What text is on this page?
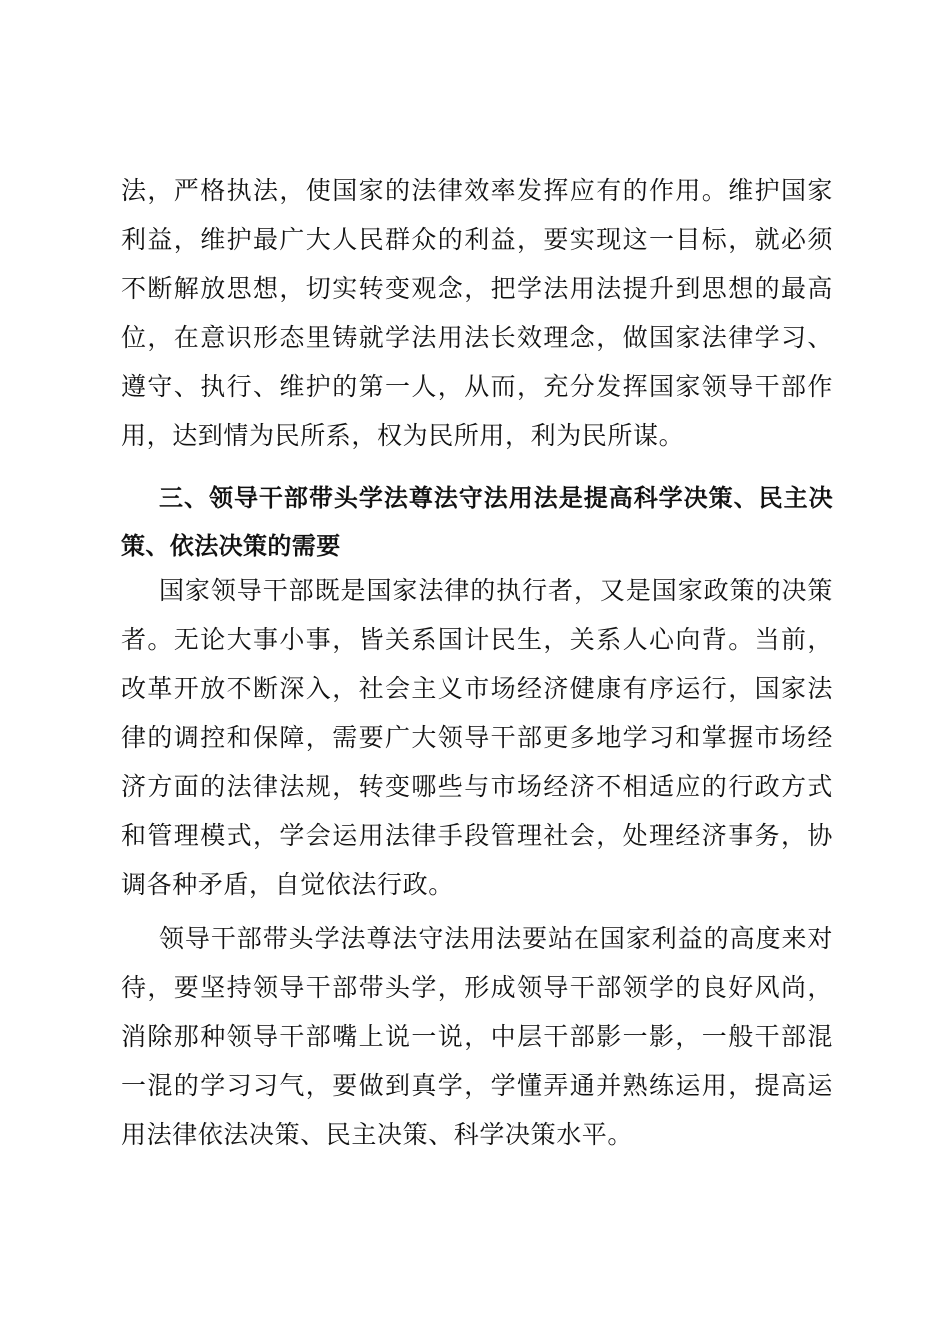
法，严格执法，使国家的法律效率发挥应有的作用。维护国家利益，维护最广大人民群众的利益，要实现这一目标，就必须不断解放思想，切实转变观念，把学法用法提升到思想的最高位，在意识形态里铸就学法用法长效理念，做国家法律学习、遵守、执行、维护的第一人，从而，充分发挥国家领导干部作用，达到情为民所系，权为民所用，利为民所谋。

三、领导干部带头学法尊法守法用法是提高科学决策、民主决策、依法决策的需要

国家领导干部既是国家法律的执行者，又是国家政策的决策者。无论大事小事，皆关系国计民生，关系人心向背。当前，改革开放不断深入，社会主义市场经济健康有序运行，国家法律的调控和保障，需要广大领导干部更多地学习和掌握市场经济方面的法律法规，转变哪些与市场经济不相适应的行政方式和管理模式，学会运用法律手段管理社会，处理经济事务，协调各种矛盾，自觉依法行政。

领导干部带头学法尊法守法用法要站在国家利益的高度来对待，要坚持领导干部带头学，形成领导干部领学的良好风尚，消除那种领导干部嘴上说一说，中层干部影一影，一般干部混一混的学习习气，要做到真学，学懂弄通并熟练运用，提高运用法律依法决策、民主决策、科学决策水平。
